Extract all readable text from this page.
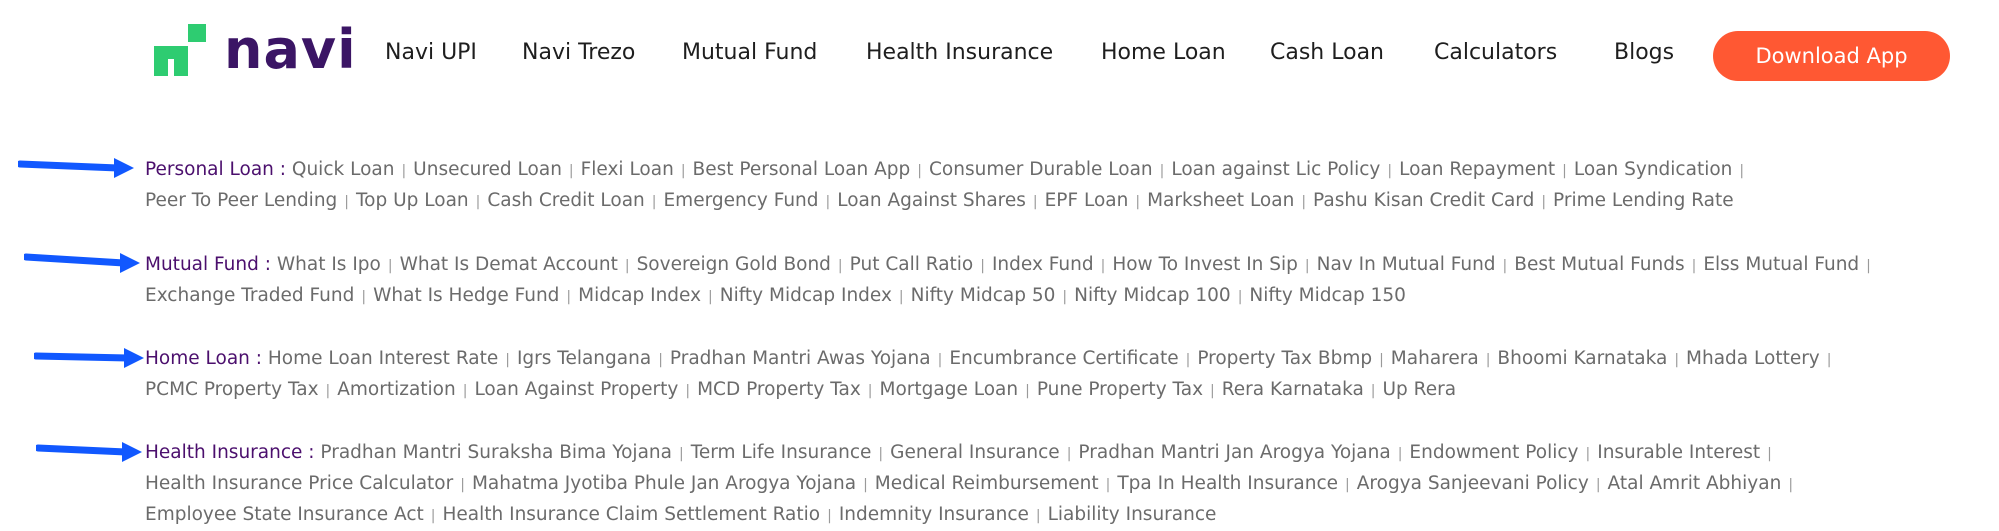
navi Navi UPI Navi Trezo Mutual Fund Health Insurance Home Loan Cash Loan Calculators	Blogs	Download App
Personal Loan : Quick Loan | Unsecured Loan | Flexi Loan | Best Personal Loan App | Consumer Durable Loan | Loan against Lic Policy | Loan Repayment | Loan Syndication |
Peer To Peer Lending | Top Up Loan | Cash Credit Loan | Emergency Fund | Loan Against Shares | EPF Loan | Marksheet Loan | Pashu Kisan Credit Card | Prime Lending Rate
Mutual Fund : What Is Ipo | What Is Demat Account | Sovereign Gold Bond | Put Call Ratio | Index Fund | How To Invest In Sip | Nav In Mutual Fund | Best Mutual Funds | Elss Mutual Fund |
Exchange Traded Fund | What Is Hedge Fund | Midcap Index | Nifty Midcap Index | Nifty Midcap 50 | Nifty Midcap 100 | Nifty Midcap 150
Home Loan : Home Loan Interest Rate | Igrs Telangana | Pradhan Mantri Awas Yojana | Encumbrance Certificate | Property Tax Bbmp | Maharera | Bhoomi Karnataka | Mhada Lottery |
PCMC Property Tax | Amortization | Loan Against Property | MCD Property Tax | Mortgage Loan | Pune Property Tax | Rera Karnataka | Up Rera
Health Insurance : Pradhan Mantri Suraksha Bima Yojana | Term Life Insurance | General Insurance | Pradhan Mantri Jan Arogya Yojana | Endowment Policy | Insurable Interest |
Health Insurance Price Calculator | Mahatma Jyotiba Phule Jan Arogya Yojana | Medical Reimbursement | Tpa In Health Insurance | Arogya Sanjeevani Policy | Atal Amrit Abhiyan |
Employee State Insurance Act | Health Insurance Claim Settlement Ratio | Indemnity Insurance | Liability Insurance
